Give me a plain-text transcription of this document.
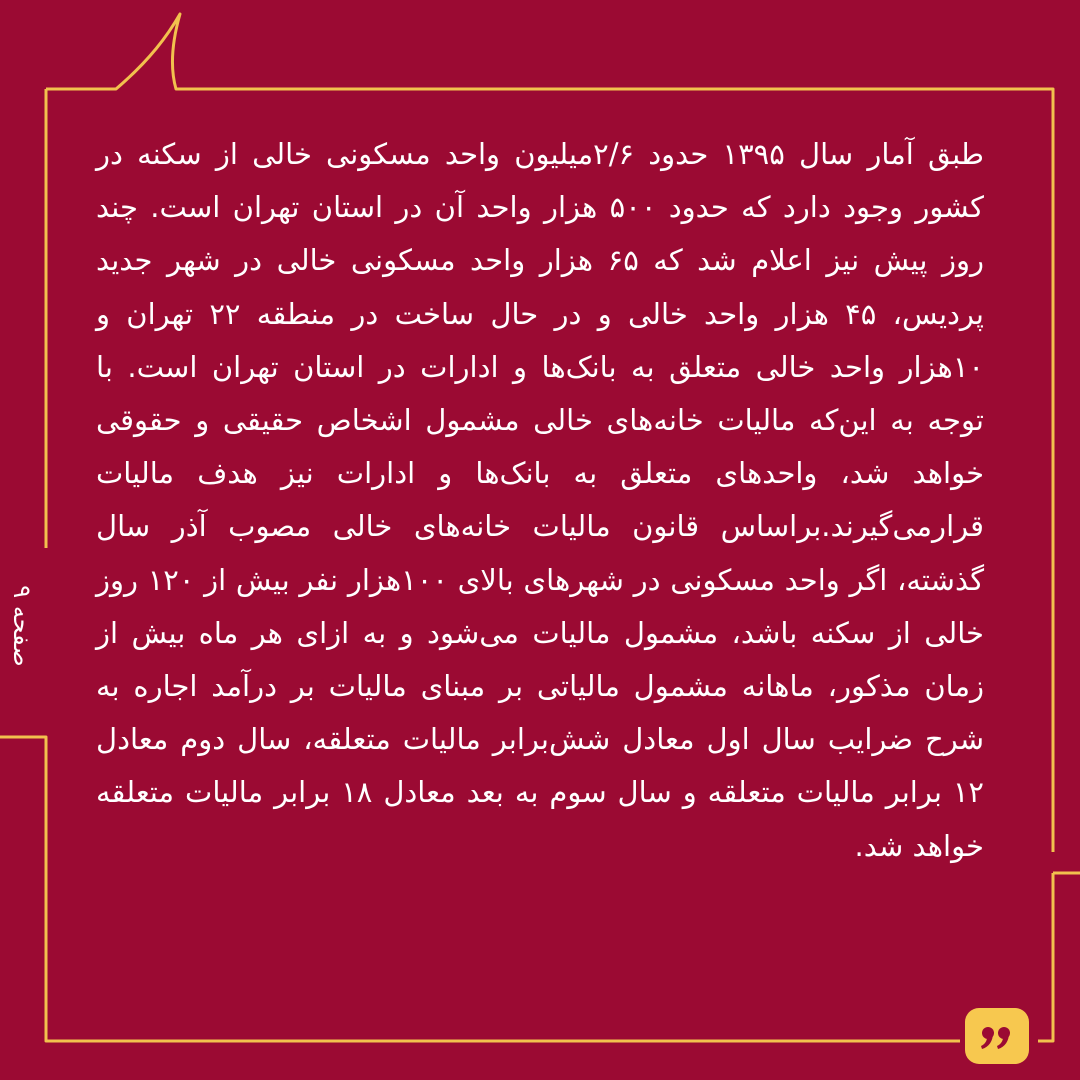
طبق آمار سال ۱۳۹۵ حدود ۲/۶میلیون واحد مسکونی خالی از سکنه در کشور وجود دارد که حدود ۵۰۰ هزار واحد آن در استان تهران است. چند روز پیش نیز اعلام شد که ۶۵ هزار واحد مسکونی خالی در شهر جدید پردیس، ۴۵ هزار واحد خالی و در حال ساخت در منطقه ۲۲ تهران و ۱۰هزار واحد خالی متعلق به بانک‌ها و ادارات در استان تهران است. با توجه به این‌که مالیات خانه‌های خالی مشمول اشخاص حقیقی و حقوقی خواهد شد، واحدهای متعلق به بانک‌ها و ادارات نیز هدف مالیات قرارمی‌گیرند.براساس قانون مالیات خانه‌های خالی مصوب آذر سال گذشته، اگر واحد مسکونی در شهرهای بالای ۱۰۰هزار نفر بیش از ۱۲۰ روز خالی از سکنه باشد، مشمول مالیات می‌شود و به ازای هر ماه بیش از زمان مذکور، ماهانه مشمول مالیاتی بر مبنای مالیات بر درآمد اجاره به شرح ضرایب سال اول معادل شش‌برابر مالیات متعلقه، سال دوم معادل ۱۲ برابر مالیات متعلقه و سال سوم به بعد معادل ۱۸ برابر مالیات متعلقه خواهد شد.

صفحه ۹
